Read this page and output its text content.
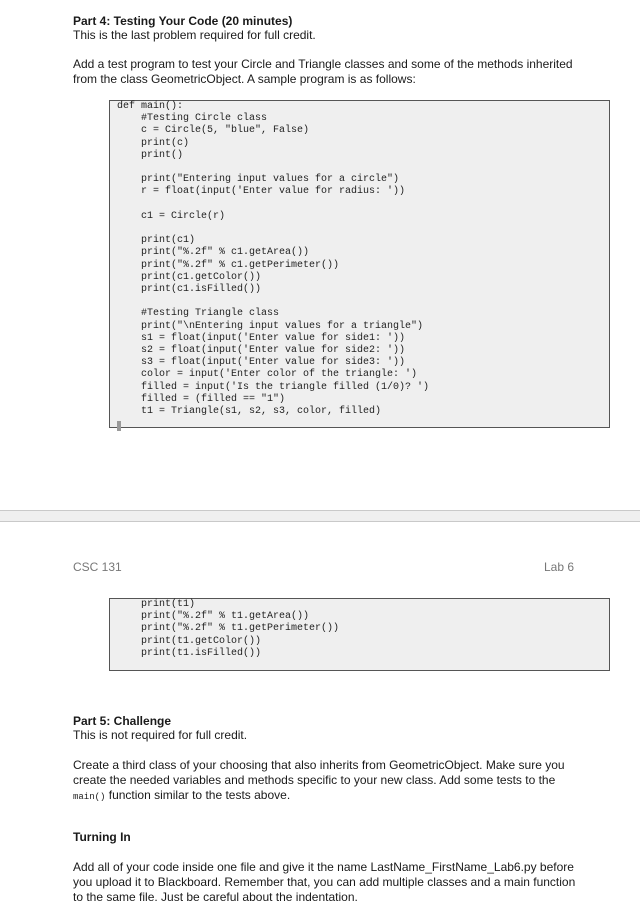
Part 4: Testing Your Code (20 minutes)
This is the last problem required for full credit.
Add a test program to test your Circle and Triangle classes and some of the methods inherited
from the class GeometricObject. A sample program is as follows:
def main():
#Testing Circle class
c = Circle(5, "blue", False)
print(c)
print()

print("Entering input values for a circle")
r = float(input('Enter value for radius: '))

c1 = Circle(r)

print(c1)
print("%.2f" % c1.getArea())
print("%.2f" % c1.getPerimeter())
print(c1.getColor())
print(c1.isFilled())

#Testing Triangle class
print("\nEntering input values for a triangle")
s1 = float(input('Enter value for side1: '))
s2 = float(input('Enter value for side2: '))
s3 = float(input('Enter value for side3: '))
color = input('Enter color of the triangle: ')
filled = input('Is the triangle filled (1/0)? ')
filled = (filled == "1")
t1 = Triangle(s1, s2, s3, color, filled)
CSC 131	Lab 6
print(t1)
print("%.2f" % t1.getArea())
print("%.2f" % t1.getPerimeter())
print(t1.getColor())
print(t1.isFilled())
Part 5: Challenge
This is not required for full credit.
Create a third class of your choosing that also inherits from GeometricObject. Make sure you
create the needed variables and methods specific to your new class. Add some tests to the
main() function similar to the tests above.
Turning In
Add all of your code inside one file and give it the name LastName_FirstName_Lab6.py before
you upload it to Blackboard. Remember that, you can add multiple classes and a main function
to the same file. Just be careful about the indentation.
